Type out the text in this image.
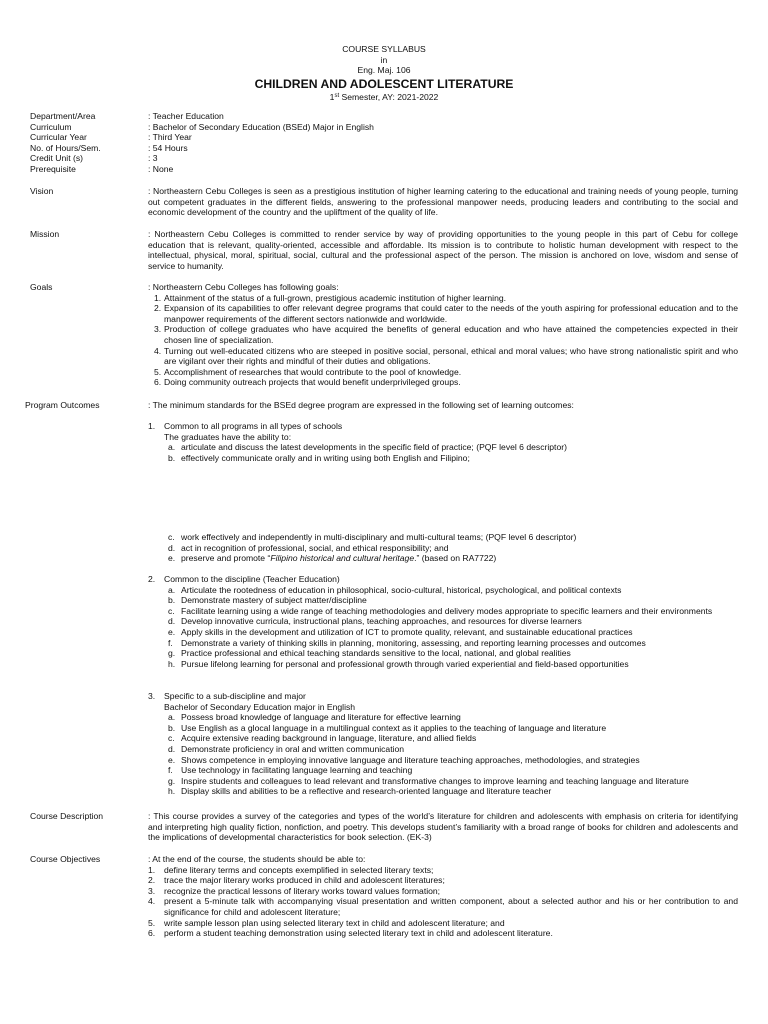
COURSE SYLLABUS
in
Eng. Maj. 106
CHILDREN AND ADOLESCENT LITERATURE
1st Semester, AY: 2021-2022
Department/Area	: Teacher Education
Curriculum	: Bachelor of Secondary Education (BSEd) Major in English
Curricular Year	: Third Year
No. of Hours/Sem.	: 54 Hours
Credit Unit (s)	: 3
Prerequisite	: None
Vision	: Northeastern Cebu Colleges is seen as a prestigious institution of higher learning catering to the educational and training needs of young people, turning out competent graduates in the different fields, answering to the professional manpower needs, producing leaders and contributing to the social and economic development of the country and the upliftment of the quality of life.
Mission	: Northeastern Cebu Colleges is committed to render service by way of providing opportunities to the young people in this part of Cebu for college education that is relevant, quality-oriented, accessible and affordable. Its mission is to contribute to holistic human development with respect to the intellectual, physical, moral, spiritual, social, cultural and the professional aspect of the person. The mission is anchored on love, wisdom and sense of service to humanity.
Goals	: Northeastern Cebu Colleges has following goals:
1. Attainment of the status of a full-grown, prestigious academic institution of higher learning.
2. Expansion of its capabilities to offer relevant degree programs that could cater to the needs of the youth aspiring for professional education and to the manpower requirements of the different sectors nationwide and worldwide.
3. Production of college graduates who have acquired the benefits of general education and who have attained the competencies expected in their chosen line of specialization.
4. Turning out well-educated citizens who are steeped in positive social, personal, ethical and moral values; who have strong nationalistic spirit and who are vigilant over their rights and mindful of their duties and obligations.
5. Accomplishment of researches that would contribute to the pool of knowledge.
6. Doing community outreach projects that would benefit underprivileged groups.
Program Outcomes	: The minimum standards for the BSEd degree program are expressed in the following set of learning outcomes:
1.	Common to all programs in all types of schools
The graduates have the ability to:
a. articulate and discuss the latest developments in the specific field of practice; (PQF level 6 descriptor)
b. effectively communicate orally and in writing using both English and Filipino;
c. work effectively and independently in multi-disciplinary and multi-cultural teams; (PQF level 6 descriptor)
d. act in recognition of professional, social, and ethical responsibility; and
e. preserve and promote “Filipino historical and cultural heritage.” (based on RA7722)
2.	Common to the discipline (Teacher Education)
a. Articulate the rootedness of education in philosophical, socio-cultural, historical, psychological, and political contexts
b. Demonstrate mastery of subject matter/discipline
c. Facilitate learning using a wide range of teaching methodologies and delivery modes appropriate to specific learners and their environments
d. Develop innovative curricula, instructional plans, teaching approaches, and resources for diverse learners
e. Apply skills in the development and utilization of ICT to promote quality, relevant, and sustainable educational practices
f. Demonstrate a variety of thinking skills in planning, monitoring, assessing, and reporting learning processes and outcomes
g. Practice professional and ethical teaching standards sensitive to the local, national, and global realities
h. Pursue lifelong learning for personal and professional growth through varied experiential and field-based opportunities
3.	Specific to a sub-discipline and major
Bachelor of Secondary Education major in English
a. Possess broad knowledge of language and literature for effective learning
b. Use English as a glocal language in a multilingual context as it applies to the teaching of language and literature
c. Acquire extensive reading background in language, literature, and allied fields
d. Demonstrate proficiency in oral and written communication
e. Shows competence in employing innovative language and literature teaching approaches, methodologies, and strategies
f. Use technology in facilitating language learning and teaching
g. Inspire students and colleagues to lead relevant and transformative changes to improve learning and teaching language and literature
h. Display skills and abilities to be a reflective and research-oriented language and literature teacher
Course Description	: This course provides a survey of the categories and types of the world’s literature for children and adolescents with emphasis on criteria for identifying and interpreting high quality fiction, nonfiction, and poetry. This develops student’s familiarity with a broad range of books for children and adolescents and the implications of developmental characteristics for book selection. (EK-3)
Course Objectives	: At the end of the course, the students should be able to:
1.	define literary terms and concepts exemplified in selected literary texts;
2.	trace the major literary works produced in child and adolescent literatures;
3.	recognize the practical lessons of literary works toward values formation;
4.	present a 5-minute talk with accompanying visual presentation and written component, about a selected author and his or her contribution to and significance for child and adolescent literature;
5.	write sample lesson plan using selected literary text in child and adolescent literature; and
6.	perform a student teaching demonstration using selected literary text in child and adolescent literature.
